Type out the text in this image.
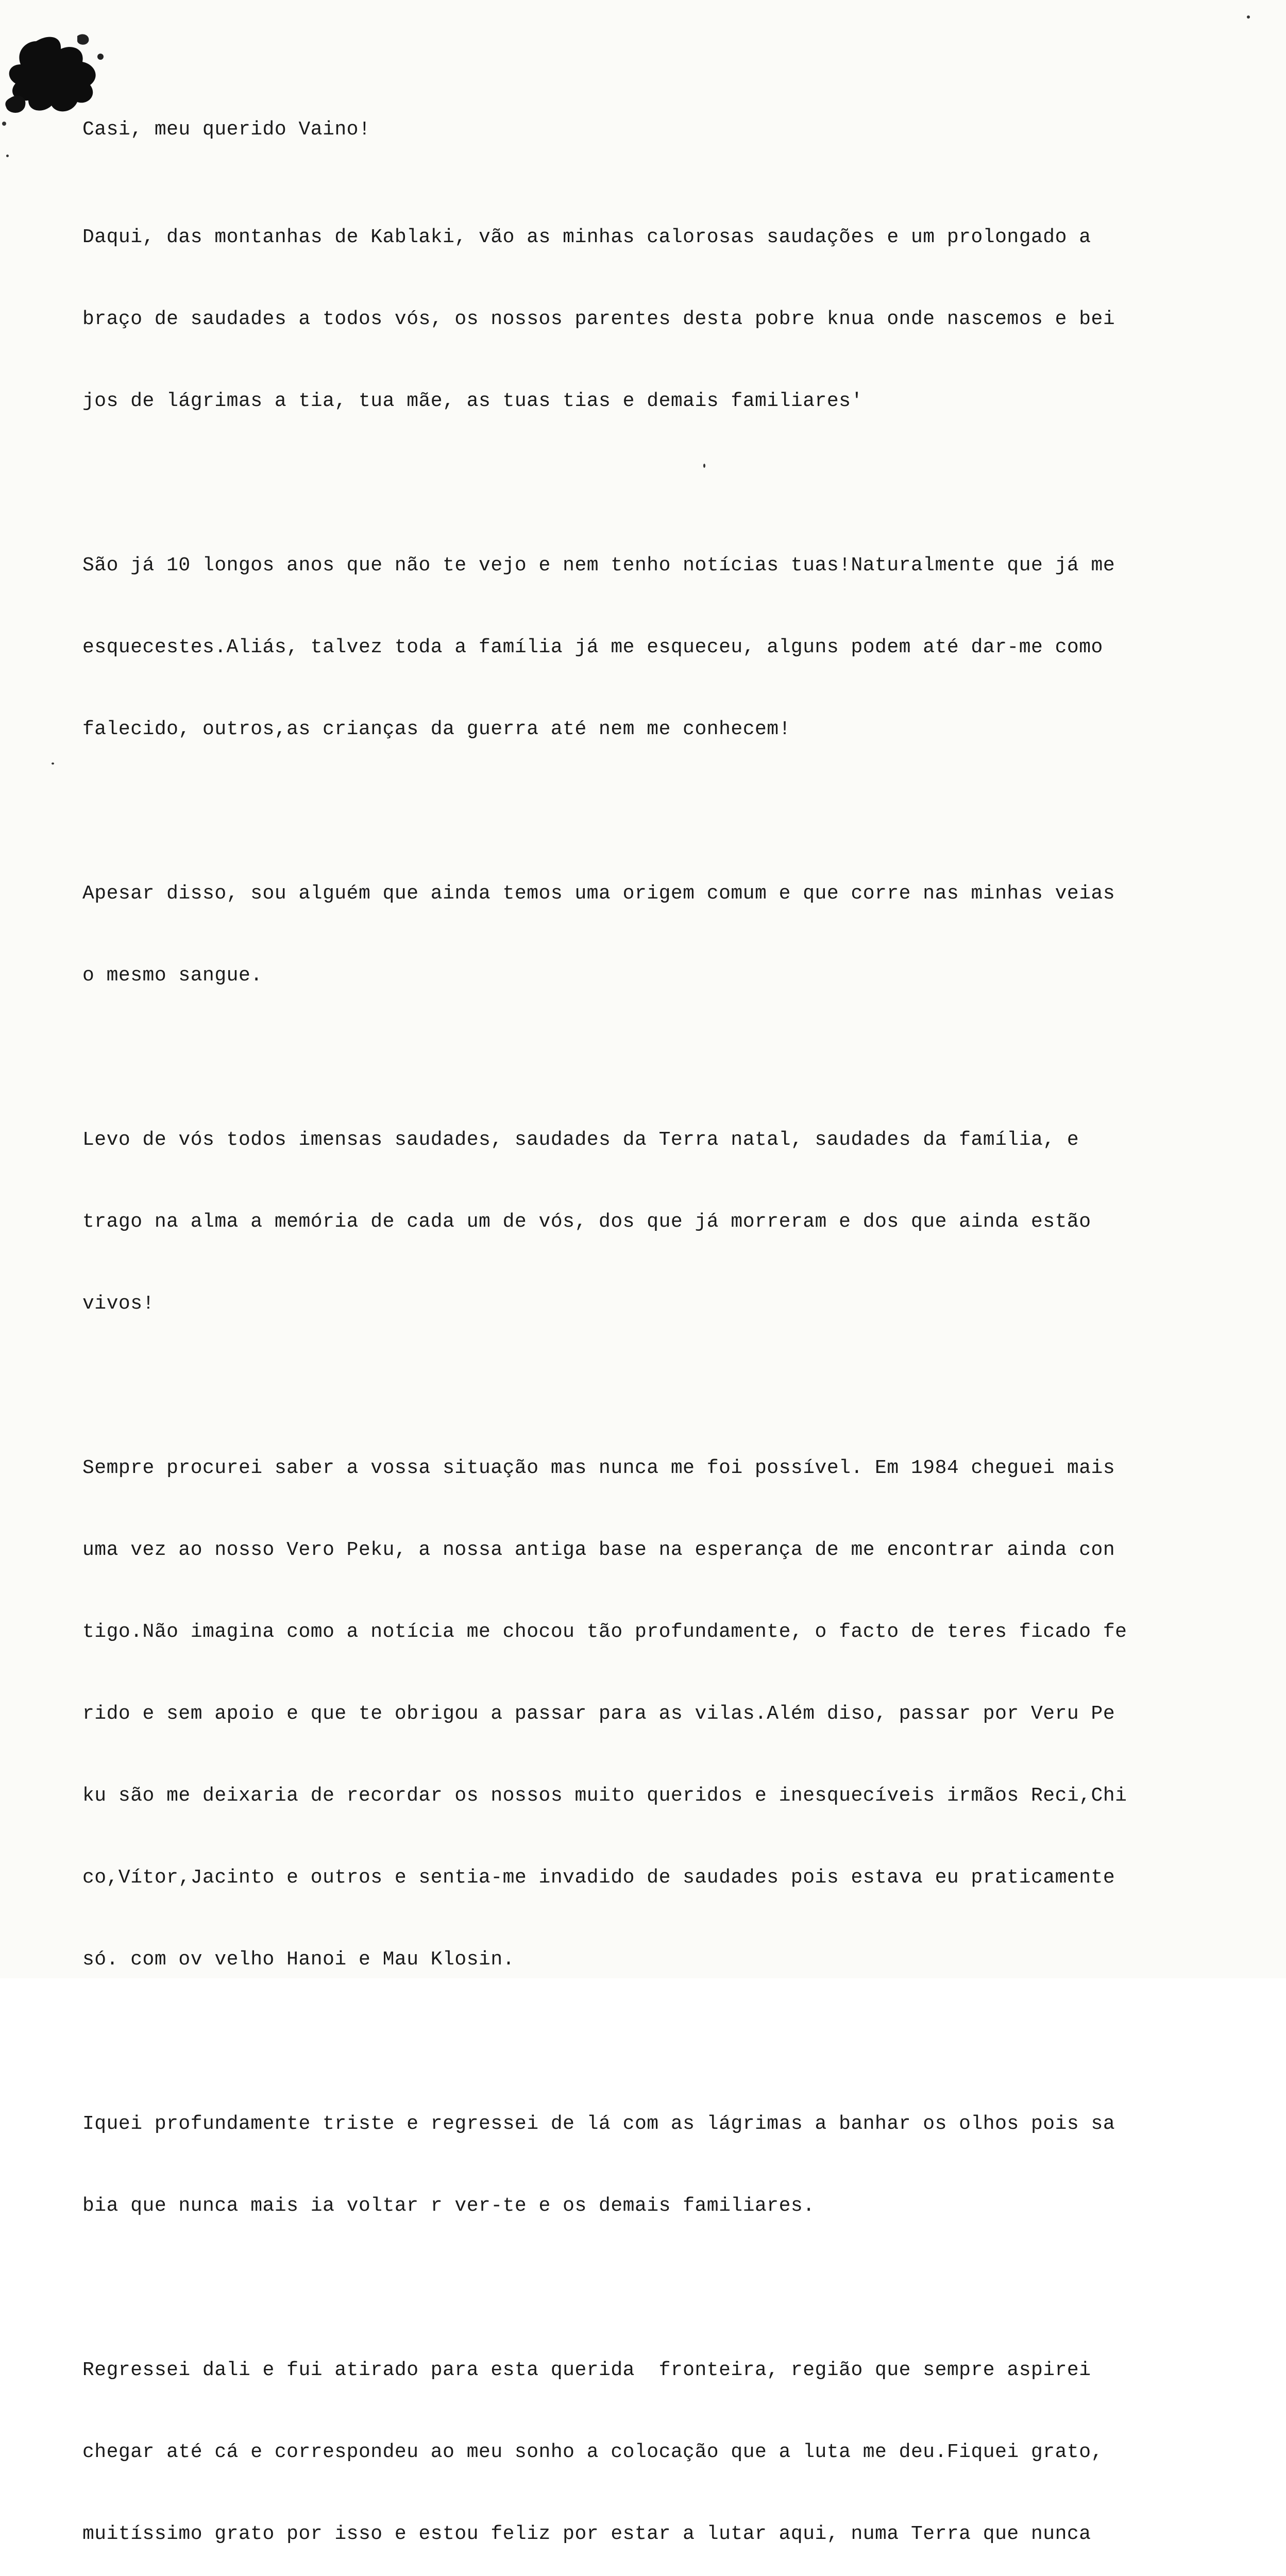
Casi, meu querido Vaino!

Daqui, das montanhas de Kablaki, vão as minhas calorosas saudações e um prolongado a

braço de saudades a todos vós, os nossos parentes desta pobre knua onde nascemos e bei

jos de lágrimas a tia, tua mãe, as tuas tias e demais familiares'

São já 10 longos anos que não te vejo e nem tenho notícias tuas!Naturalmente que já me

esquecestes.Aliás, talvez toda a família já me esqueceu, alguns podem até dar-me como

falecido, outros,as crianças da guerra até nem me conhecem!

Apesar disso, sou alguém que ainda temos uma origem comum e que corre nas minhas veias

o mesmo sangue.

Levo de vós todos imensas saudades, saudades da Terra natal, saudades da família, e

trago na alma a memória de cada um de vós, dos que já morreram e dos que ainda estão

vivos!

Sempre procurei saber a vossa situação mas nunca me foi possível. Em 1984 cheguei mais

uma vez ao nosso Vero Peku, a nossa antiga base na esperança de me encontrar ainda con

tigo.Não imagina como a notícia me chocou tão profundamente, o facto de teres ficado fe

rido e sem apoio e que te obrigou a passar para as vilas.Além diso, passar por Veru Pe

ku são me deixaria de recordar os nossos muito queridos e inesquecíveis irmãos Reci,Chi

co,Vítor,Jacinto e outros e sentia-me invadido de saudades pois estava eu praticamente

só. com ov velho Hanoi e Mau Klosin.

Iquei profundamente triste e regressei de lá com as lágrimas a banhar os olhos pois sa

bia que nunca mais ia voltar r ver-te e os demais familiares.

Regressei dali e fui atirado para esta querida  fronteira, região que sempre aspirei

chegar até cá e correspondeu ao meu sonho a colocação que a luta me deu.Fiquei grato,

muitíssimo grato por isso e estou feliz por estar a lutar aqui, numa Terra que nunca
